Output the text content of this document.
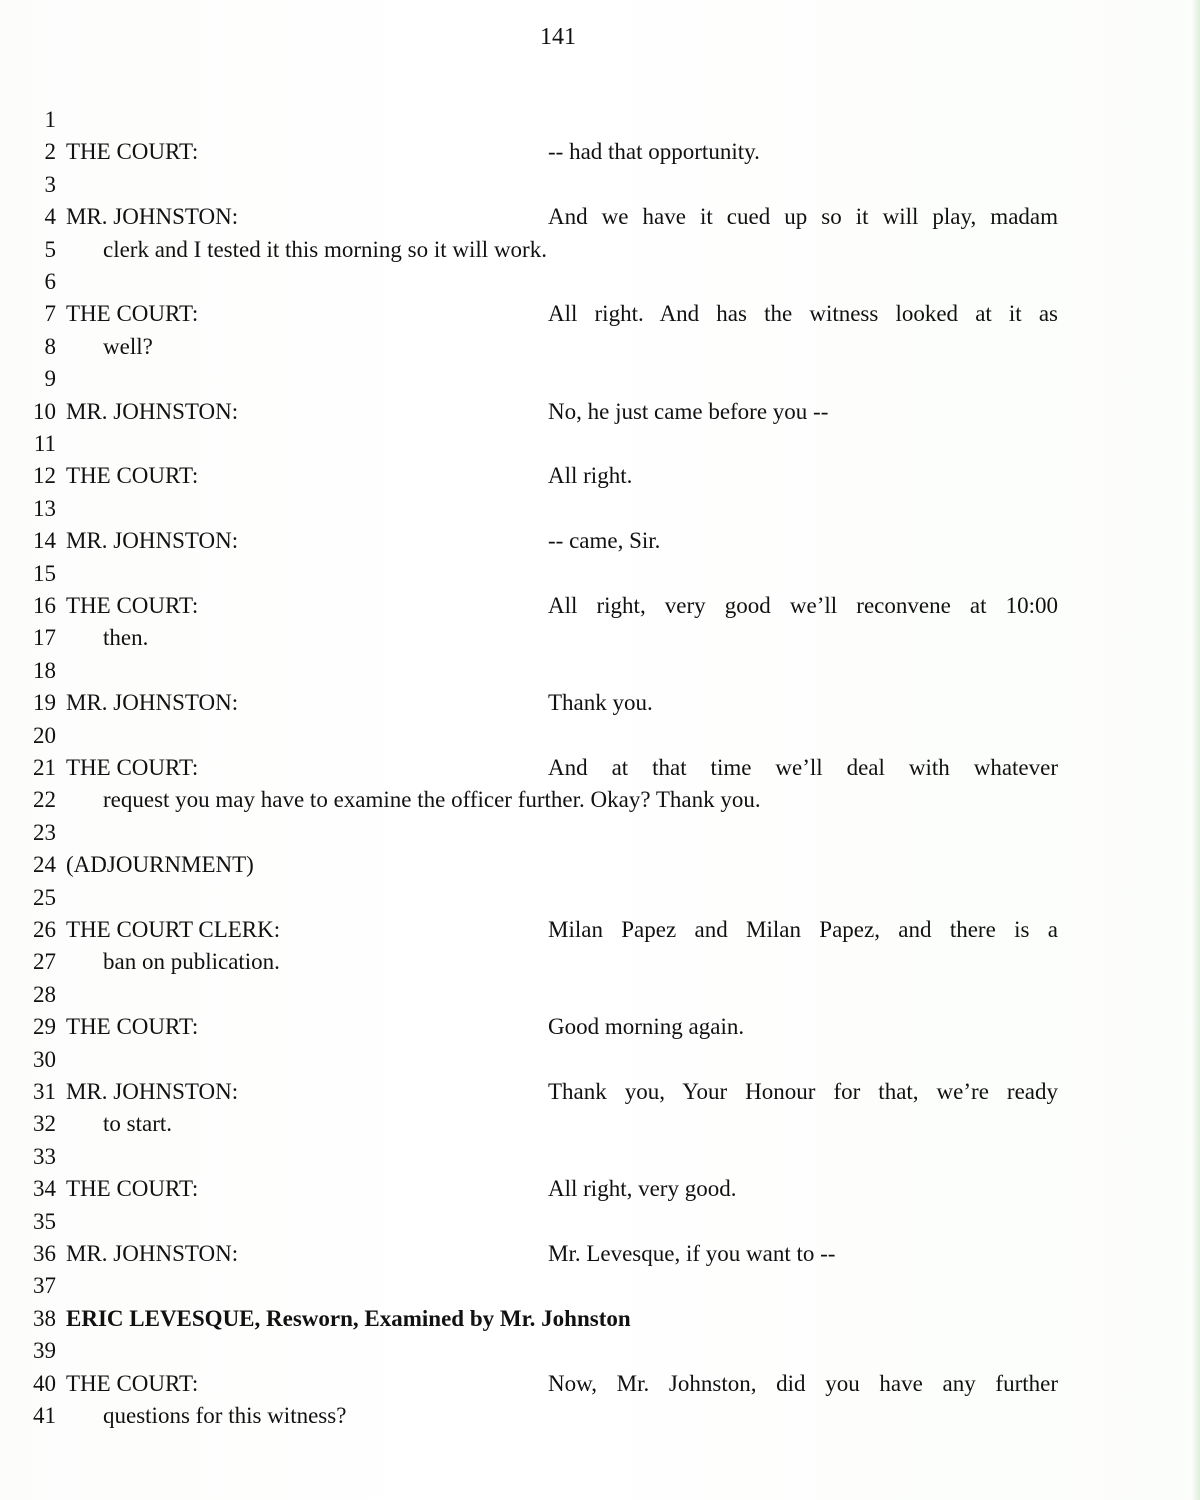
141
1
2 THE COURT:	-- had that opportunity.
3
4 MR. JOHNSTON:	And we have it cued up so it will play, madam
5 clerk and I tested it this morning so it will work.
6
7 THE COURT:	All right. And has the witness looked at it as
8 well?
9
10 MR. JOHNSTON:	No, he just came before you --
11
12 THE COURT:	All right.
13
14 MR. JOHNSTON:	-- came, Sir.
15
16 THE COURT:	All right, very good we’ll reconvene at 10:00
17 then.
18
19 MR. JOHNSTON:	Thank you.
20
21 THE COURT:	And at that time we’ll deal with whatever
22 request you may have to examine the officer further. Okay? Thank you.
23
24 (ADJOURNMENT)
25
26 THE COURT CLERK:	Milan Papez and Milan Papez, and there is a
27 ban on publication.
28
29 THE COURT:	Good morning again.
30
31 MR. JOHNSTON:	Thank you, Your Honour for that, we’re ready
32 to start.
33
34 THE COURT:	All right, very good.
35
36 MR. JOHNSTON:	Mr. Levesque, if you want to --
37
38 ERIC LEVESQUE, Resworn, Examined by Mr. Johnston
39
40 THE COURT:	Now, Mr. Johnston, did you have any further
41 questions for this witness?
